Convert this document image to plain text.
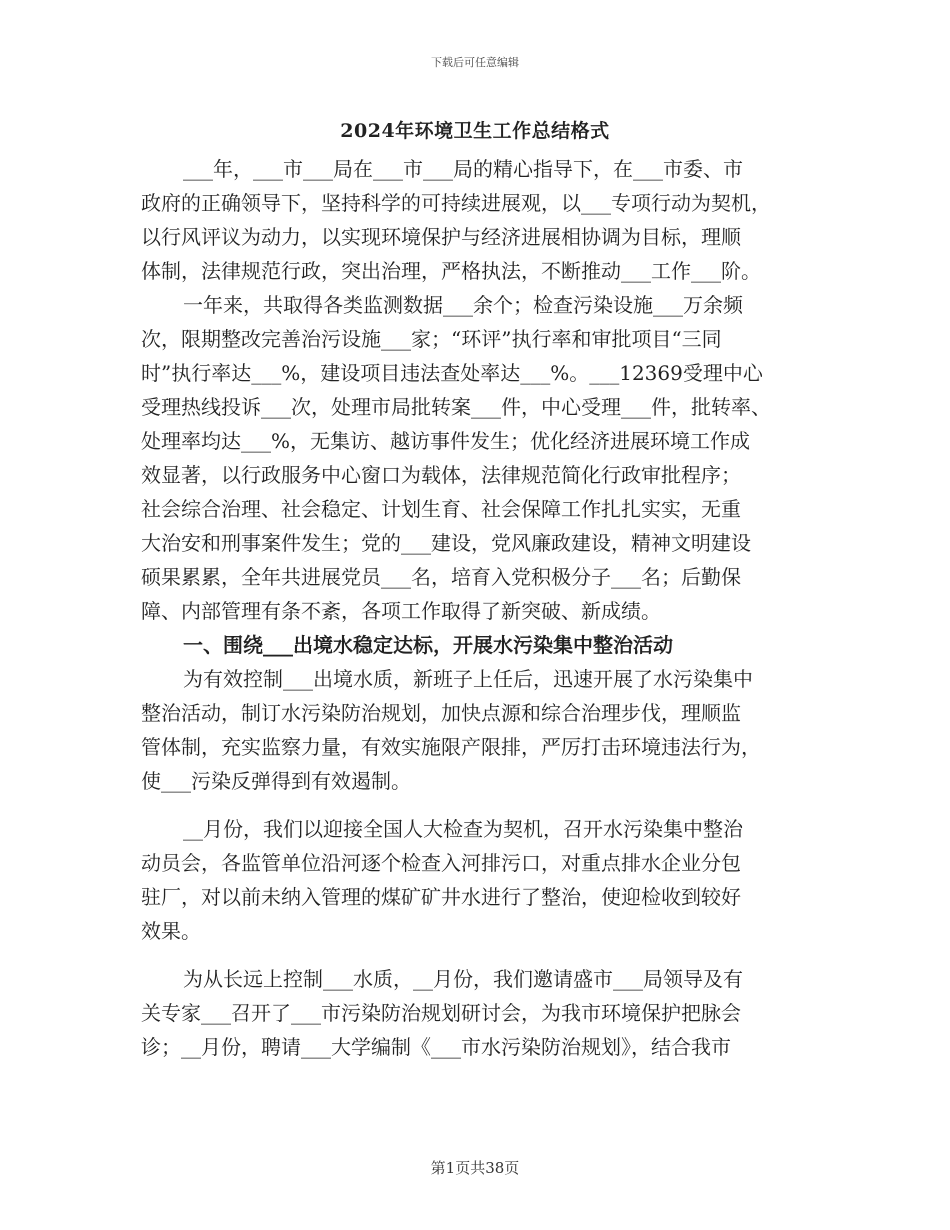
下载后可任意编辑
2024年环境卫生工作总结格式
___年，___市___局在___市___局的精心指导下，在___市委、市
政府的正确领导下，坚持科学的可持续进展观，以___专项行动为契机，
以行风评议为动力，以实现环境保护与经济进展相协调为目标，理顺
体制，法律规范行政，突出治理，严格执法，不断推动___工作___阶。
一年来，共取得各类监测数据___余个；检查污染设施___万余频
次，限期整改完善治污设施___家；“环评”执行率和审批项目“三同
时”执行率达___%，建设项目违法查处率达___%。___12369受理中心
受理热线投诉___次，处理市局批转案___件，中心受理___件，批转率、
处理率均达___%，无集访、越访事件发生；优化经济进展环境工作成
效显著，以行政服务中心窗口为载体，法律规范简化行政审批程序；
社会综合治理、社会稳定、计划生育、社会保障工作扎扎实实，无重
大治安和刑事案件发生；党的___建设，党风廉政建设，精神文明建设
硕果累累，全年共进展党员___名，培育入党积极分子___名；后勤保
障、内部管理有条不紊，各项工作取得了新突破、新成绩。
一、围绕___出境水稳定达标，开展水污染集中整治活动
为有效控制___出境水质，新班子上任后，迅速开展了水污染集中
整治活动，制订水污染防治规划，加快点源和综合治理步伐，理顺监
管体制，充实监察力量，有效实施限产限排，严厉打击环境违法行为，
使___污染反弹得到有效遏制。
__月份，我们以迎接全国人大检查为契机，召开水污染集中整治
动员会，各监管单位沿河逐个检查入河排污口，对重点排水企业分包
驻厂，对以前未纳入管理的煤矿矿井水进行了整治，使迎检收到较好
效果。
为从长远上控制___水质，__月份，我们邀请盛市___局领导及有
关专家___召开了___市污染防治规划研讨会，为我市环境保护把脉会
诊；__月份，聘请___大学编制《___市水污染防治规划》，结合我市
第1页共38页
